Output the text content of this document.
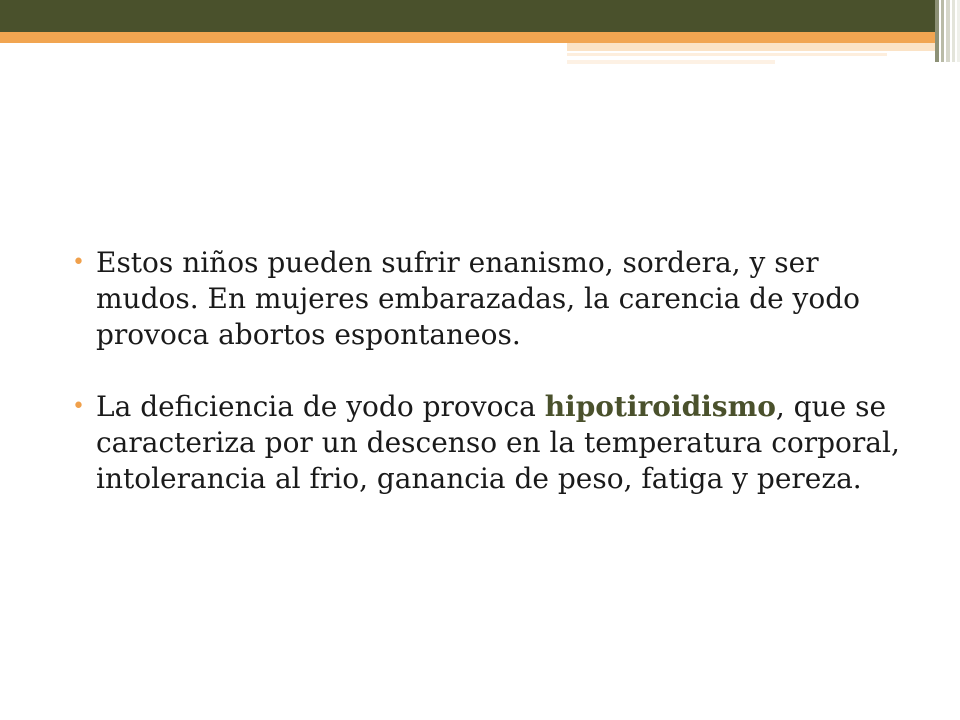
• Estos niños pueden sufrir enanismo, sordera, y ser mudos. En mujeres embarazadas, la carencia de yodo provoca abortos espontaneos.
• La deficiencia de yodo provoca hipotiroidismo, que se caracteriza por un descenso en la temperatura corporal, intolerancia al frio, ganancia de peso, fatiga y pereza.
